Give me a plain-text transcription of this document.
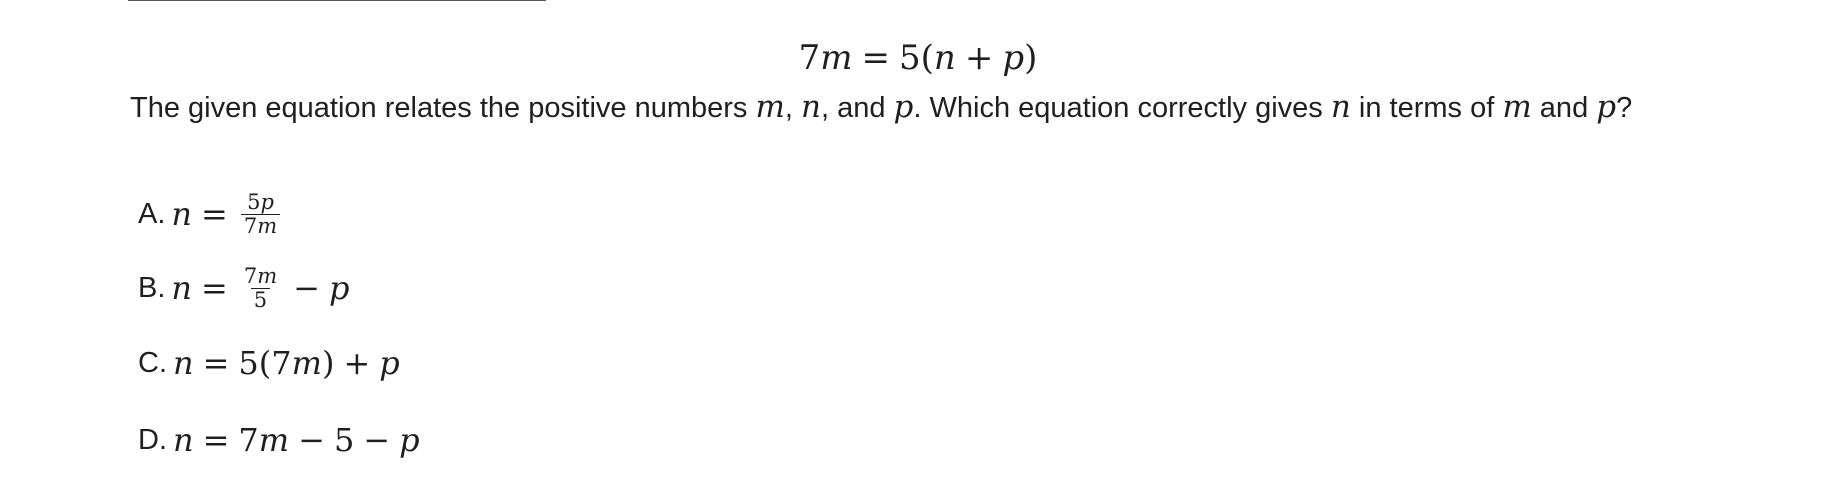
7m = 5(n + p)
The given equation relates the positive numbers m, n, and p. Which equation correctly gives n in terms of m and p?
A. $n = \frac{5p}{7m}$
B. $n = \frac{7m}{5} - p$
C. n = 5 ( 7 m ) + p
D. n = 7 m − 5 − p
